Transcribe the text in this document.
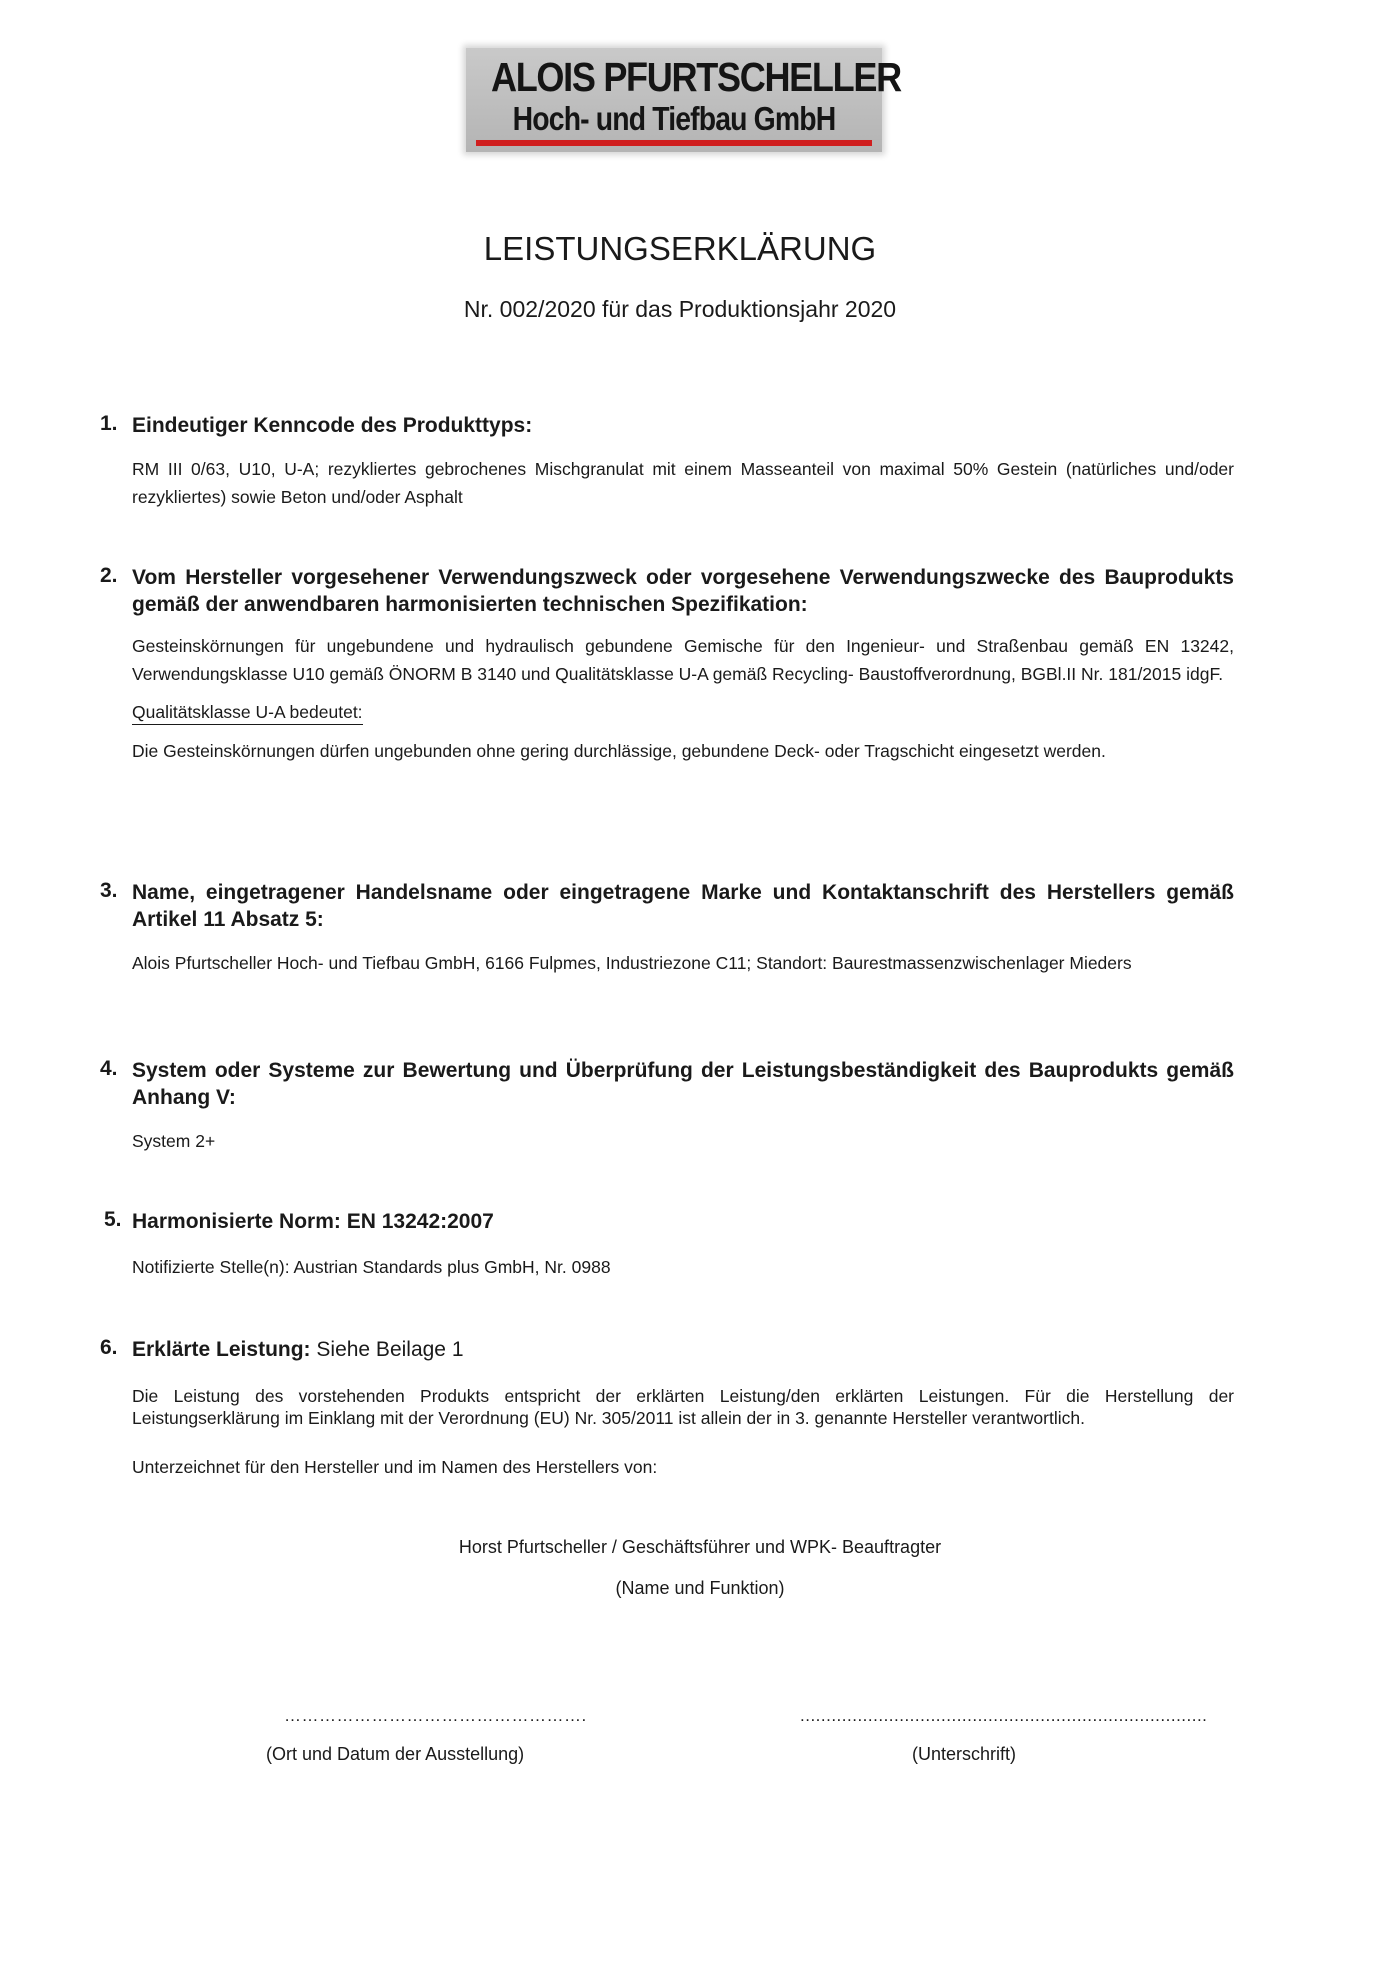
ALOIS PFURTSCHELLER
Hoch- und Tiefbau GmbH
LEISTUNGSERKLÄRUNG
Nr. 002/2020 für das Produktionsjahr 2020
1. Eindeutiger Kenncode des Produkttyps:
RM III 0/63, U10, U-A; rezykliertes gebrochenes Mischgranulat mit einem Masseanteil von maximal 50% Gestein (natürliches und/oder rezykliertes) sowie Beton und/oder Asphalt
2. Vom Hersteller vorgesehener Verwendungszweck oder vorgesehene Verwendungszwecke des Bauprodukts gemäß der anwendbaren harmonisierten technischen Spezifikation:
Gesteinskörnungen für ungebundene und hydraulisch gebundene Gemische für den Ingenieur- und Straßenbau gemäß EN 13242, Verwendungsklasse U10 gemäß ÖNORM B 3140 und Qualitätsklasse U-A gemäß Recycling- Baustoffverordnung, BGBl.II Nr. 181/2015 idgF.
Qualitätsklasse U-A bedeutet:
Die Gesteinskörnungen dürfen ungebunden ohne gering durchlässige, gebundene Deck- oder Tragschicht eingesetzt werden.
3. Name, eingetragener Handelsname oder eingetragene Marke und Kontaktanschrift des Herstellers gemäß Artikel 11 Absatz 5:
Alois Pfurtscheller Hoch- und Tiefbau GmbH, 6166 Fulpmes, Industriezone C11; Standort: Baurestmassenzwischenlager Mieders
4. System oder Systeme zur Bewertung und Überprüfung der Leistungsbeständigkeit des Bauprodukts gemäß Anhang V:
System 2+
5. Harmonisierte Norm: EN 13242:2007
Notifizierte Stelle(n): Austrian Standards plus GmbH, Nr. 0988
6. Erklärte Leistung: Siehe Beilage 1
Die Leistung des vorstehenden Produkts entspricht der erklärten Leistung/den erklärten Leistungen. Für die Herstellung der Leistungserklärung im Einklang mit der Verordnung (EU) Nr. 305/2011 ist allein der in 3. genannte Hersteller verantwortlich.
Unterzeichnet für den Hersteller und im Namen des Herstellers von:
Horst Pfurtscheller / Geschäftsführer und WPK- Beauftragter
(Name und Funktion)
…………………………………………….
(Ort und Datum der Ausstellung)
..............................................................................
(Unterschrift)
